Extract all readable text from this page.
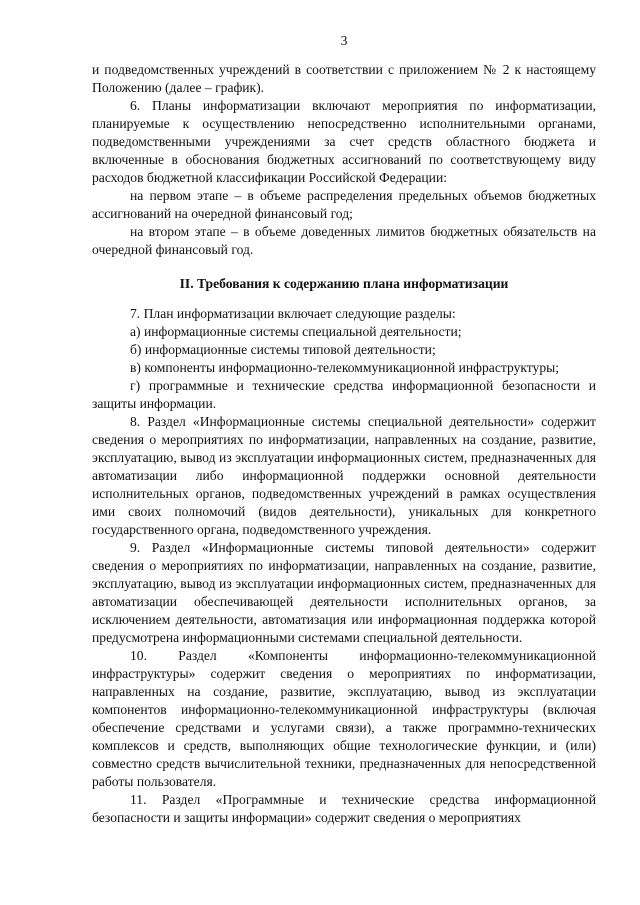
3

и подведомственных учреждений в соответствии с приложением № 2 к настоящему Положению (далее – график).

6. Планы информатизации включают мероприятия по информатизации, планируемые к осуществлению непосредственно исполнительными органами, подведомственными учреждениями за счет средств областного бюджета и включенные в обоснования бюджетных ассигнований по соответствующему виду расходов бюджетной классификации Российской Федерации:

на первом этапе – в объеме распределения предельных объемов бюджетных ассигнований на очередной финансовый год;

на втором этапе – в объеме доведенных лимитов бюджетных обязательств на очередной финансовый год.

II. Требования к содержанию плана информатизации

7. План информатизации включает следующие разделы:

а) информационные системы специальной деятельности;

б) информационные системы типовой деятельности;

в) компоненты информационно-телекоммуникационной инфраструктуры;

г) программные и технические средства информационной безопасности и защиты информации.

8. Раздел «Информационные системы специальной деятельности» содержит сведения о мероприятиях по информатизации, направленных на создание, развитие, эксплуатацию, вывод из эксплуатации информационных систем, предназначенных для автоматизации либо информационной поддержки основной деятельности исполнительных органов, подведомственных учреждений в рамках осуществления ими своих полномочий (видов деятельности), уникальных для конкретного государственного органа, подведомственного учреждения.

9. Раздел «Информационные системы типовой деятельности» содержит сведения о мероприятиях по информатизации, направленных на создание, развитие, эксплуатацию, вывод из эксплуатации информационных систем, предназначенных для автоматизации обеспечивающей деятельности исполнительных органов, за исключением деятельности, автоматизация или информационная поддержка которой предусмотрена информационными системами специальной деятельности.

10. Раздел «Компоненты информационно-телекоммуникационной инфраструктуры» содержит сведения о мероприятиях по информатизации, направленных на создание, развитие, эксплуатацию, вывод из эксплуатации компонентов информационно-телекоммуникационной инфраструктуры (включая обеспечение средствами и услугами связи), а также программно-технических комплексов и средств, выполняющих общие технологические функции, и (или) совместно средств вычислительной техники, предназначенных для непосредственной работы пользователя.

11. Раздел «Программные и технические средства информационной безопасности и защиты информации» содержит сведения о мероприятиях
